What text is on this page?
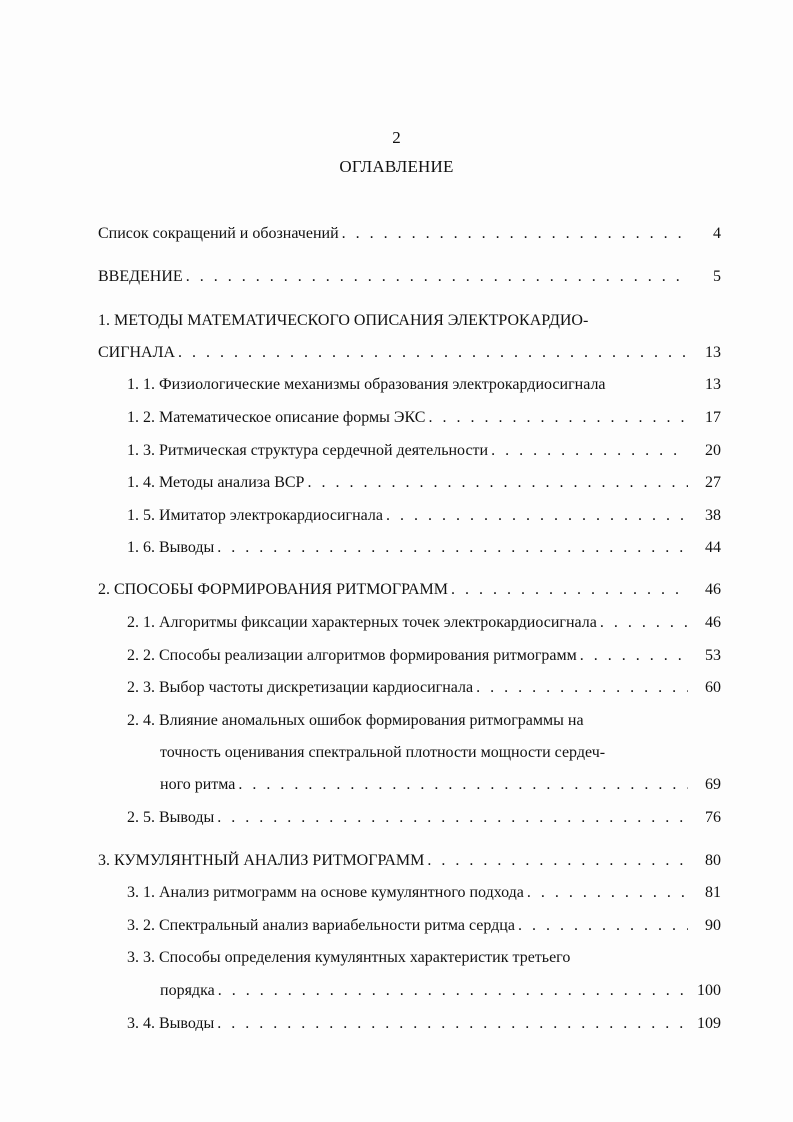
2
ОГЛАВЛЕНИЕ
Список сокращений и обозначений . . .	4
ВВЕДЕНИЕ . . .	5
1. МЕТОДЫ МАТЕМАТИЧЕСКОГО ОПИСАНИЯ ЭЛЕКТРОКАРДИО-
СИГНАЛА . . .	13
1. 1. Физиологические механизмы образования электрокардиосигнала	13
1. 2. Математическое описание формы ЭКС . . .	17
1. 3. Ритмическая структура сердечной деятельности . . .	20
1. 4. Методы анализа ВСР . . .	27
1. 5. Имитатор электрокардиосигнала . . .	38
1. 6. Выводы . . .	44
2. СПОСОБЫ ФОРМИРОВАНИЯ РИТМОГРАММ . . .	46
2. 1. Алгоритмы фиксации характерных точек электрокардиосигнала . . .	46
2. 2. Способы реализации алгоритмов формирования ритмограмм . . .	53
2. 3. Выбор частоты дискретизации кардиосигнала . . .	60
2. 4. Влияние аномальных ошибок формирования ритмограммы на
точность оценивания спектральной плотности мощности сердеч-
ного ритма . . .	69
2. 5. Выводы . . .	76
3. КУМУЛЯНТНЫЙ АНАЛИЗ РИТМОГРАММ . . .	80
3. 1. Анализ ритмограмм на основе кумулянтного подхода . . .	81
3. 2. Спектральный анализ вариабельности ритма сердца . . .	90
3. 3. Способы определения кумулянтных характеристик третьего
порядка . . .	100
3. 4. Выводы . . .	109
